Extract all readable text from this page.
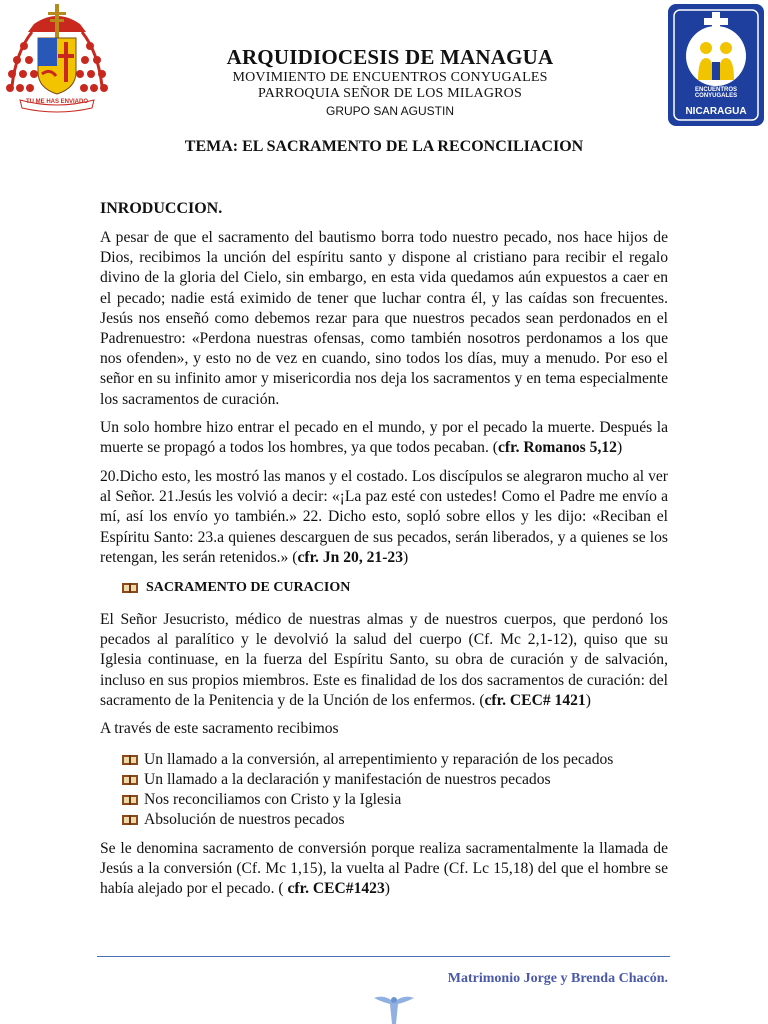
TU ME HAS ENVIADO
ARQUIDIOCESIS DE MANAGUA
MOVIMIENTO DE ENCUENTROS CONYUGALES
PARROQUIA SEÑOR DE LOS MILAGROS
GRUPO SAN AGUSTIN
ENCUENTROS CONYUGALES
NICARAGUA
TEMA: EL SACRAMENTO DE LA RECONCILIACION
INRODUCCION.
A pesar de que el sacramento del bautismo borra todo nuestro pecado, nos hace hijos de Dios, recibimos la unción del espíritu santo y dispone al cristiano para recibir el regalo divino de la gloria del Cielo, sin embargo, en esta vida quedamos aún expuestos a caer en el pecado; nadie está eximido de tener que luchar contra él, y las caídas son frecuentes. Jesús nos enseñó como debemos rezar para que nuestros pecados sean perdonados en el Padrenuestro: «Perdona nuestras ofensas, como también nosotros perdonamos a los que nos ofenden», y esto no de vez en cuando, sino todos los días, muy a menudo. Por eso el señor en su infinito amor y misericordia nos deja los sacramentos y en tema especialmente los sacramentos de curación.
Un solo hombre hizo entrar el pecado en el mundo, y por el pecado la muerte. Después la muerte se propagó a todos los hombres, ya que todos pecaban. (cfr. Romanos 5,12)
20.Dicho esto, les mostró las manos y el costado. Los discípulos se alegraron mucho al ver al Señor. 21.Jesús les volvió a decir: «¡La paz esté con ustedes! Como el Padre me envío a mí, así los envío yo también.» 22. Dicho esto, sopló sobre ellos y les dijo: «Reciban el Espíritu Santo: 23.a quienes descarguen de sus pecados, serán liberados, y a quienes se los retengan, les serán retenidos.» (cfr. Jn 20, 21-23)
SACRAMENTO DE CURACION
El Señor Jesucristo, médico de nuestras almas y de nuestros cuerpos, que perdonó los pecados al paralítico y le devolvió la salud del cuerpo (Cf. Mc 2,1-12), quiso que su Iglesia continuase, en la fuerza del Espíritu Santo, su obra de curación y de salvación, incluso en sus propios miembros. Este es finalidad de los dos sacramentos de curación: del sacramento de la Penitencia y de la Unción de los enfermos. (cfr. CEC# 1421)
A través de este sacramento recibimos
Un llamado a la conversión, al arrepentimiento y reparación de los pecados
Un llamado a la declaración y manifestación de nuestros pecados
Nos reconciliamos con Cristo y la Iglesia
Absolución de nuestros pecados
Se le denomina sacramento de conversión porque realiza sacramentalmente la llamada de Jesús a la conversión (Cf. Mc 1,15), la vuelta al Padre (Cf. Lc 15,18) del que el hombre se había alejado por el pecado. ( cfr. CEC#1423)
Matrimonio Jorge y Brenda Chacón.
